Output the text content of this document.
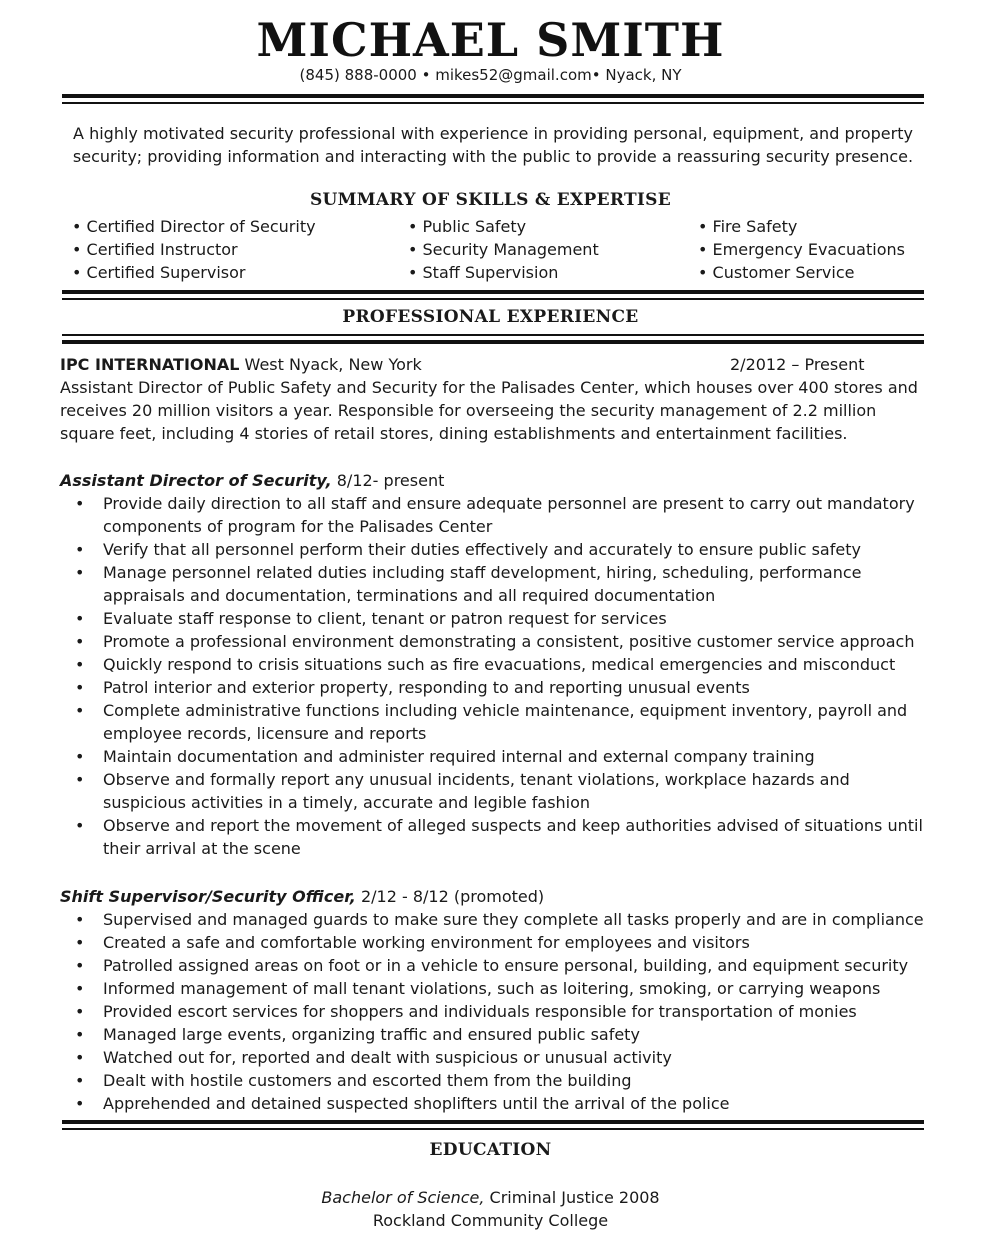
MICHAEL SMITH
(845) 888-0000 • mikes52@gmail.com• Nyack, NY
A highly motivated security professional with experience in providing personal, equipment, and property security; providing information and interacting with the public to provide a reassuring security presence.
SUMMARY OF SKILLS & EXPERTISE
• Certified Director of Security
• Certified Instructor
• Certified Supervisor
• Public Safety
• Security Management
• Staff Supervision
• Fire Safety
• Emergency Evacuations
• Customer Service
PROFESSIONAL EXPERIENCE
IPC INTERNATIONAL West Nyack, New York	2/2012 – Present
Assistant Director of Public Safety and Security for the Palisades Center, which houses over 400 stores and receives 20 million visitors a year. Responsible for overseeing the security management of 2.2 million square feet, including 4 stories of retail stores, dining establishments and entertainment facilities.
Assistant Director of Security, 8/12- present
• Provide daily direction to all staff and ensure adequate personnel are present to carry out mandatory components of program for the Palisades Center
• Verify that all personnel perform their duties effectively and accurately to ensure public safety
• Manage personnel related duties including staff development, hiring, scheduling, performance appraisals and documentation, terminations and all required documentation
• Evaluate staff response to client, tenant or patron request for services
• Promote a professional environment demonstrating a consistent, positive customer service approach
• Quickly respond to crisis situations such as fire evacuations, medical emergencies and misconduct
• Patrol interior and exterior property, responding to and reporting unusual events
• Complete administrative functions including vehicle maintenance, equipment inventory, payroll and employee records, licensure and reports
• Maintain documentation and administer required internal and external company training
• Observe and formally report any unusual incidents, tenant violations, workplace hazards and suspicious activities in a timely, accurate and legible fashion
• Observe and report the movement of alleged suspects and keep authorities advised of situations until their arrival at the scene
Shift Supervisor/Security Officer, 2/12 - 8/12 (promoted)
• Supervised and managed guards to make sure they complete all tasks properly and are in compliance
• Created a safe and comfortable working environment for employees and visitors
• Patrolled assigned areas on foot or in a vehicle to ensure personal, building, and equipment security
• Informed management of mall tenant violations, such as loitering, smoking, or carrying weapons
• Provided escort services for shoppers and individuals responsible for transportation of monies
• Managed large events, organizing traffic and ensured public safety
• Watched out for, reported and dealt with suspicious or unusual activity
• Dealt with hostile customers and escorted them from the building
• Apprehended and detained suspected shoplifters until the arrival of the police
EDUCATION
Bachelor of Science, Criminal Justice 2008
Rockland Community College
